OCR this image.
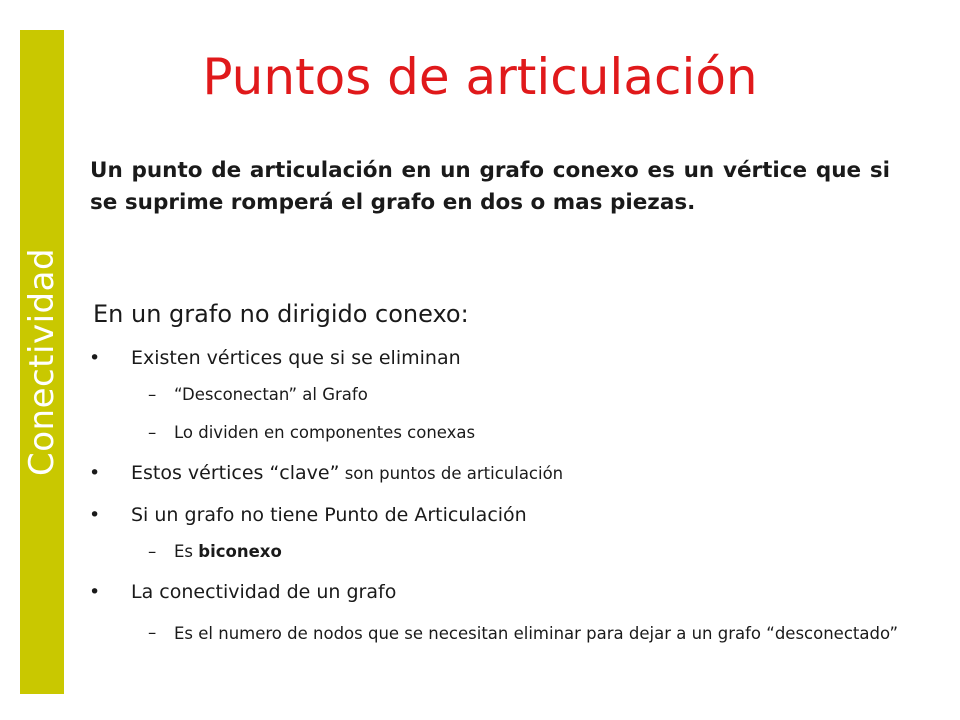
Conectividad
Puntos de articulación
Un punto de articulación en un grafo conexo es un vértice que si se suprime romperá el grafo en dos o mas piezas.
En un grafo no dirigido conexo:
• Existen vértices que si se eliminan
– “Desconectan” al Grafo
– Lo dividen en componentes conexas
• Estos vértices “clave” son puntos de articulación
• Si un grafo no tiene Punto de Articulación
– Es biconexo
• La conectividad de un grafo
– Es el numero de nodos que se necesitan eliminar para dejar a un grafo “desconectado”
